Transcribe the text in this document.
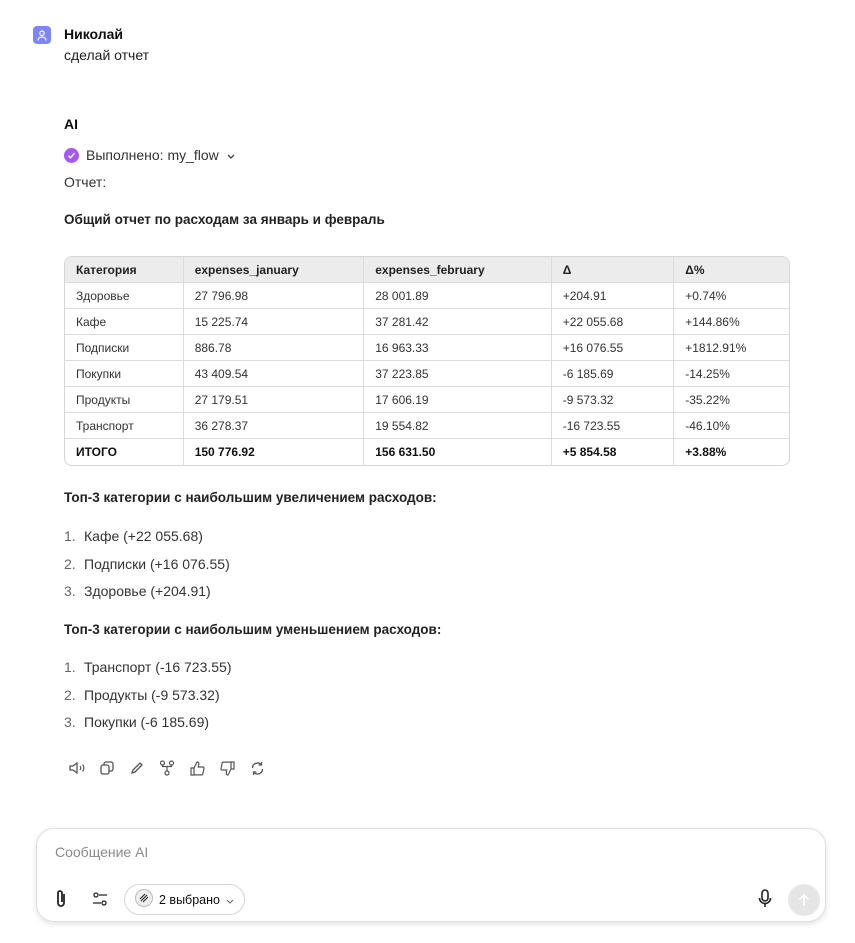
Николай
сделай отчет
AI
Выполнено: my_flow
Отчет:
Общий отчет по расходам за январь и февраль
Категория	expenses_january	expenses_february	Δ	Δ%
Здоровье	27 796.98	28 001.89	+204.91	+0.74%
Кафе	15 225.74	37 281.42	+22 055.68	+144.86%
Подписки	886.78	16 963.33	+16 076.55	+1812.91%
Покупки	43 409.54	37 223.85	-6 185.69	-14.25%
Продукты	27 179.51	17 606.19	-9 573.32	-35.22%
Транспорт	36 278.37	19 554.82	-16 723.55	-46.10%
ИТОГО	150 776.92	156 631.50	+5 854.58	+3.88%
Топ-3 категории с наибольшим увеличением расходов:
1. Кафе (+22 055.68)
2. Подписки (+16 076.55)
3. Здоровье (+204.91)
Топ-3 категории с наибольшим уменьшением расходов:
1. Транспорт (-16 723.55)
2. Продукты (-9 573.32)
3. Покупки (-6 185.69)
Сообщение AI
2 выбрано
